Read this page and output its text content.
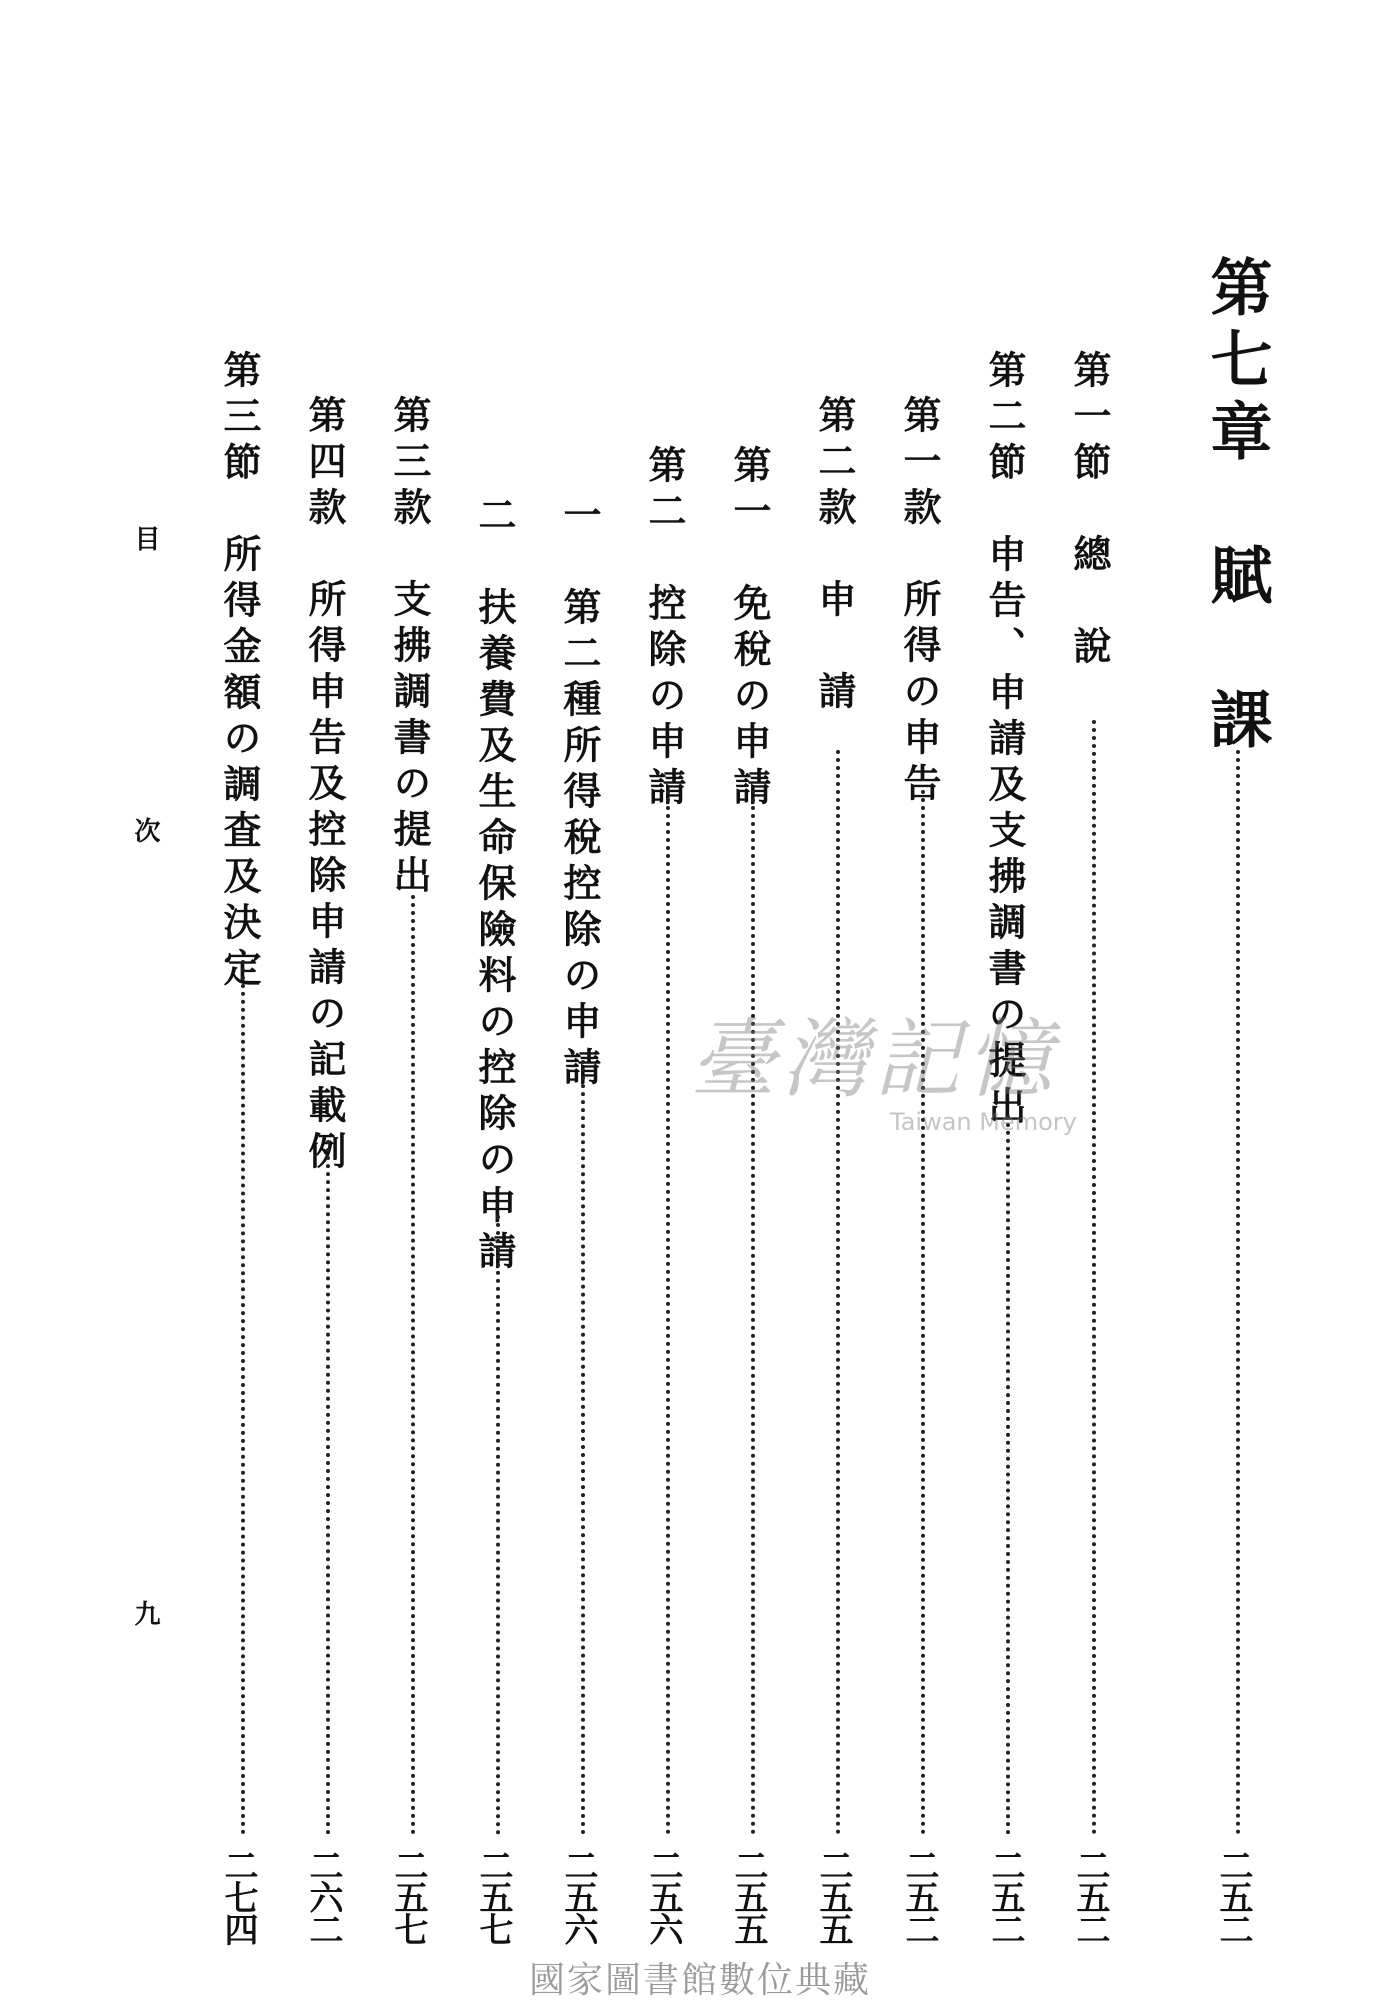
第七章　賦　課
二五二
第一節　總　說
二五二
第二節　申告、申請及支拂調書の提出
二五二
第一款　所得の申告
二五二
第二款　申　請
二五五
第一　免稅の申請
二五五
第二　控除の申請
二五六
一　第二種所得稅控除の申請
二五六
二　扶養費及生命保險料の控除の申請
二五七
第三款　支拂調書の提出
二五七
第四款　所得申告及控除申請の記載例
二六二
第三節　所得金額の調査及決定
二七四
目　次
九
臺灣記憶
Taiwan Memory
國家圖書館數位典藏
